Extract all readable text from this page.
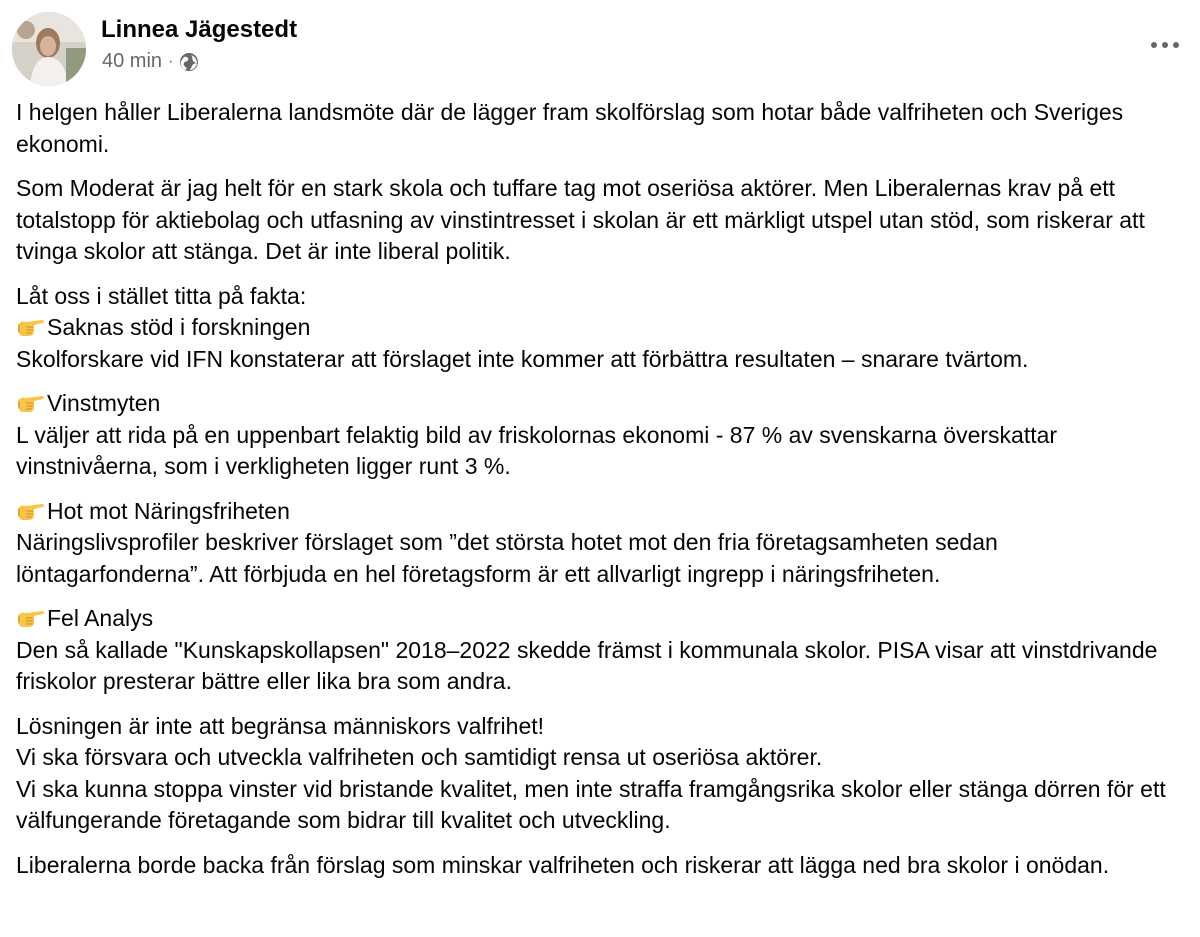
Linnea Jägestedt
40 min ·

I helgen håller Liberalerna landsmöte där de lägger fram skolförslag som hotar både valfriheten och Sveriges ekonomi.

Som Moderat är jag helt för en stark skola och tuffare tag mot oseriösa aktörer. Men Liberalernas krav på ett totalstopp för aktiebolag och utfasning av vinstintresset i skolan är ett märkligt utspel utan stöd, som riskerar att tvinga skolor att stänga. Det är inte liberal politik.

Låt oss i stället titta på fakta:
Saknas stöd i forskningen
Skolforskare vid IFN konstaterar att förslaget inte kommer att förbättra resultaten – snarare tvärtom.

Vinstmyten
L väljer att rida på en uppenbart felaktig bild av friskolornas ekonomi - 87 % av svenskarna överskattar vinstnivåerna, som i verkligheten ligger runt 3 %.

Hot mot Näringsfriheten
Näringslivsprofiler beskriver förslaget som ”det största hotet mot den fria företagsamheten sedan löntagarfonderna”. Att förbjuda en hel företagsform är ett allvarligt ingrepp i näringsfriheten.

Fel Analys
Den så kallade "Kunskapskollapsen" 2018–2022 skedde främst i kommunala skolor. PISA visar att vinstdrivande friskolor presterar bättre eller lika bra som andra.

Lösningen är inte att begränsa människors valfrihet!
Vi ska försvara och utveckla valfriheten och samtidigt rensa ut oseriösa aktörer.
Vi ska kunna stoppa vinster vid bristande kvalitet, men inte straffa framgångsrika skolor eller stänga dörren för ett välfungerande företagande som bidrar till kvalitet och utveckling.

Liberalerna borde backa från förslag som minskar valfriheten och riskerar att lägga ned bra skolor i onödan.
